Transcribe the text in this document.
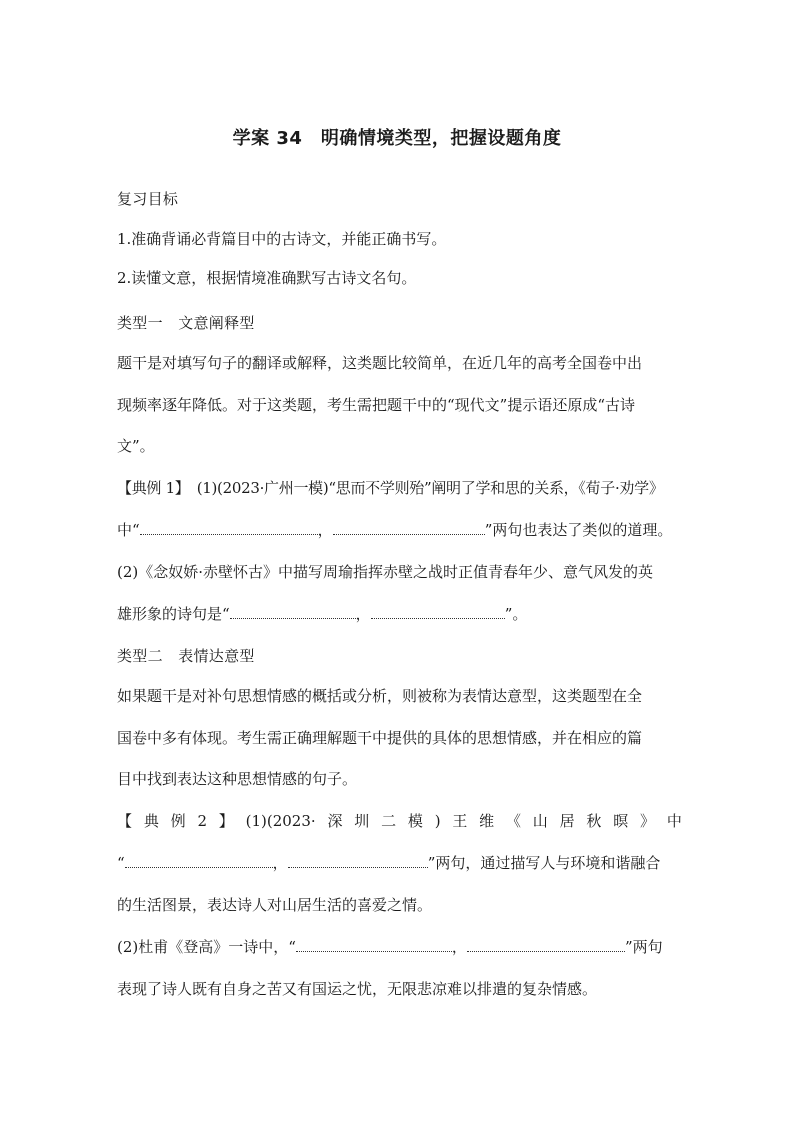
学案 34　明确情境类型，把握设题角度
复习目标
1.准确背诵必背篇目中的古诗文，并能正确书写。
2.读懂文意，根据情境准确默写古诗文名句。
类型一　文意阐释型
题干是对填写句子的翻译或解释，这类题比较简单，在近几年的高考全国卷中出
现频率逐年降低。对于这类题，考生需把题干中的“现代文”提示语还原成“古诗
文”。
【典例 1】　(1)(2023·广州一模)“思而不学则殆”阐明了学和思的关系，《荀子·劝学》
中“	，	”两句也表达了类似的道理。
(2)《念奴娇·赤壁怀古》中描写周瑜指挥赤壁之战时正值青春年少、意气风发的英
雄形象的诗句是“	，	”。
类型二　表情达意型
如果题干是对补句思想情感的概括或分析，则被称为表情达意型，这类题型在全
国卷中多有体现。考生需正确理解题干中提供的具体的思想情感，并在相应的篇
目中找到表达这种思想情感的句子。
【 典 例 2 】 (1)(2023· 深 圳 二 模 ) 王 维 《 山 居 秋 暝 》 中
“	，	”两句，通过描写人与环境和谐融合
的生活图景，表达诗人对山居生活的喜爱之情。
(2)杜甫《登高》一诗中，“	，	”两句
表现了诗人既有自身之苦又有国运之忧，无限悲凉难以排遣的复杂情感。
